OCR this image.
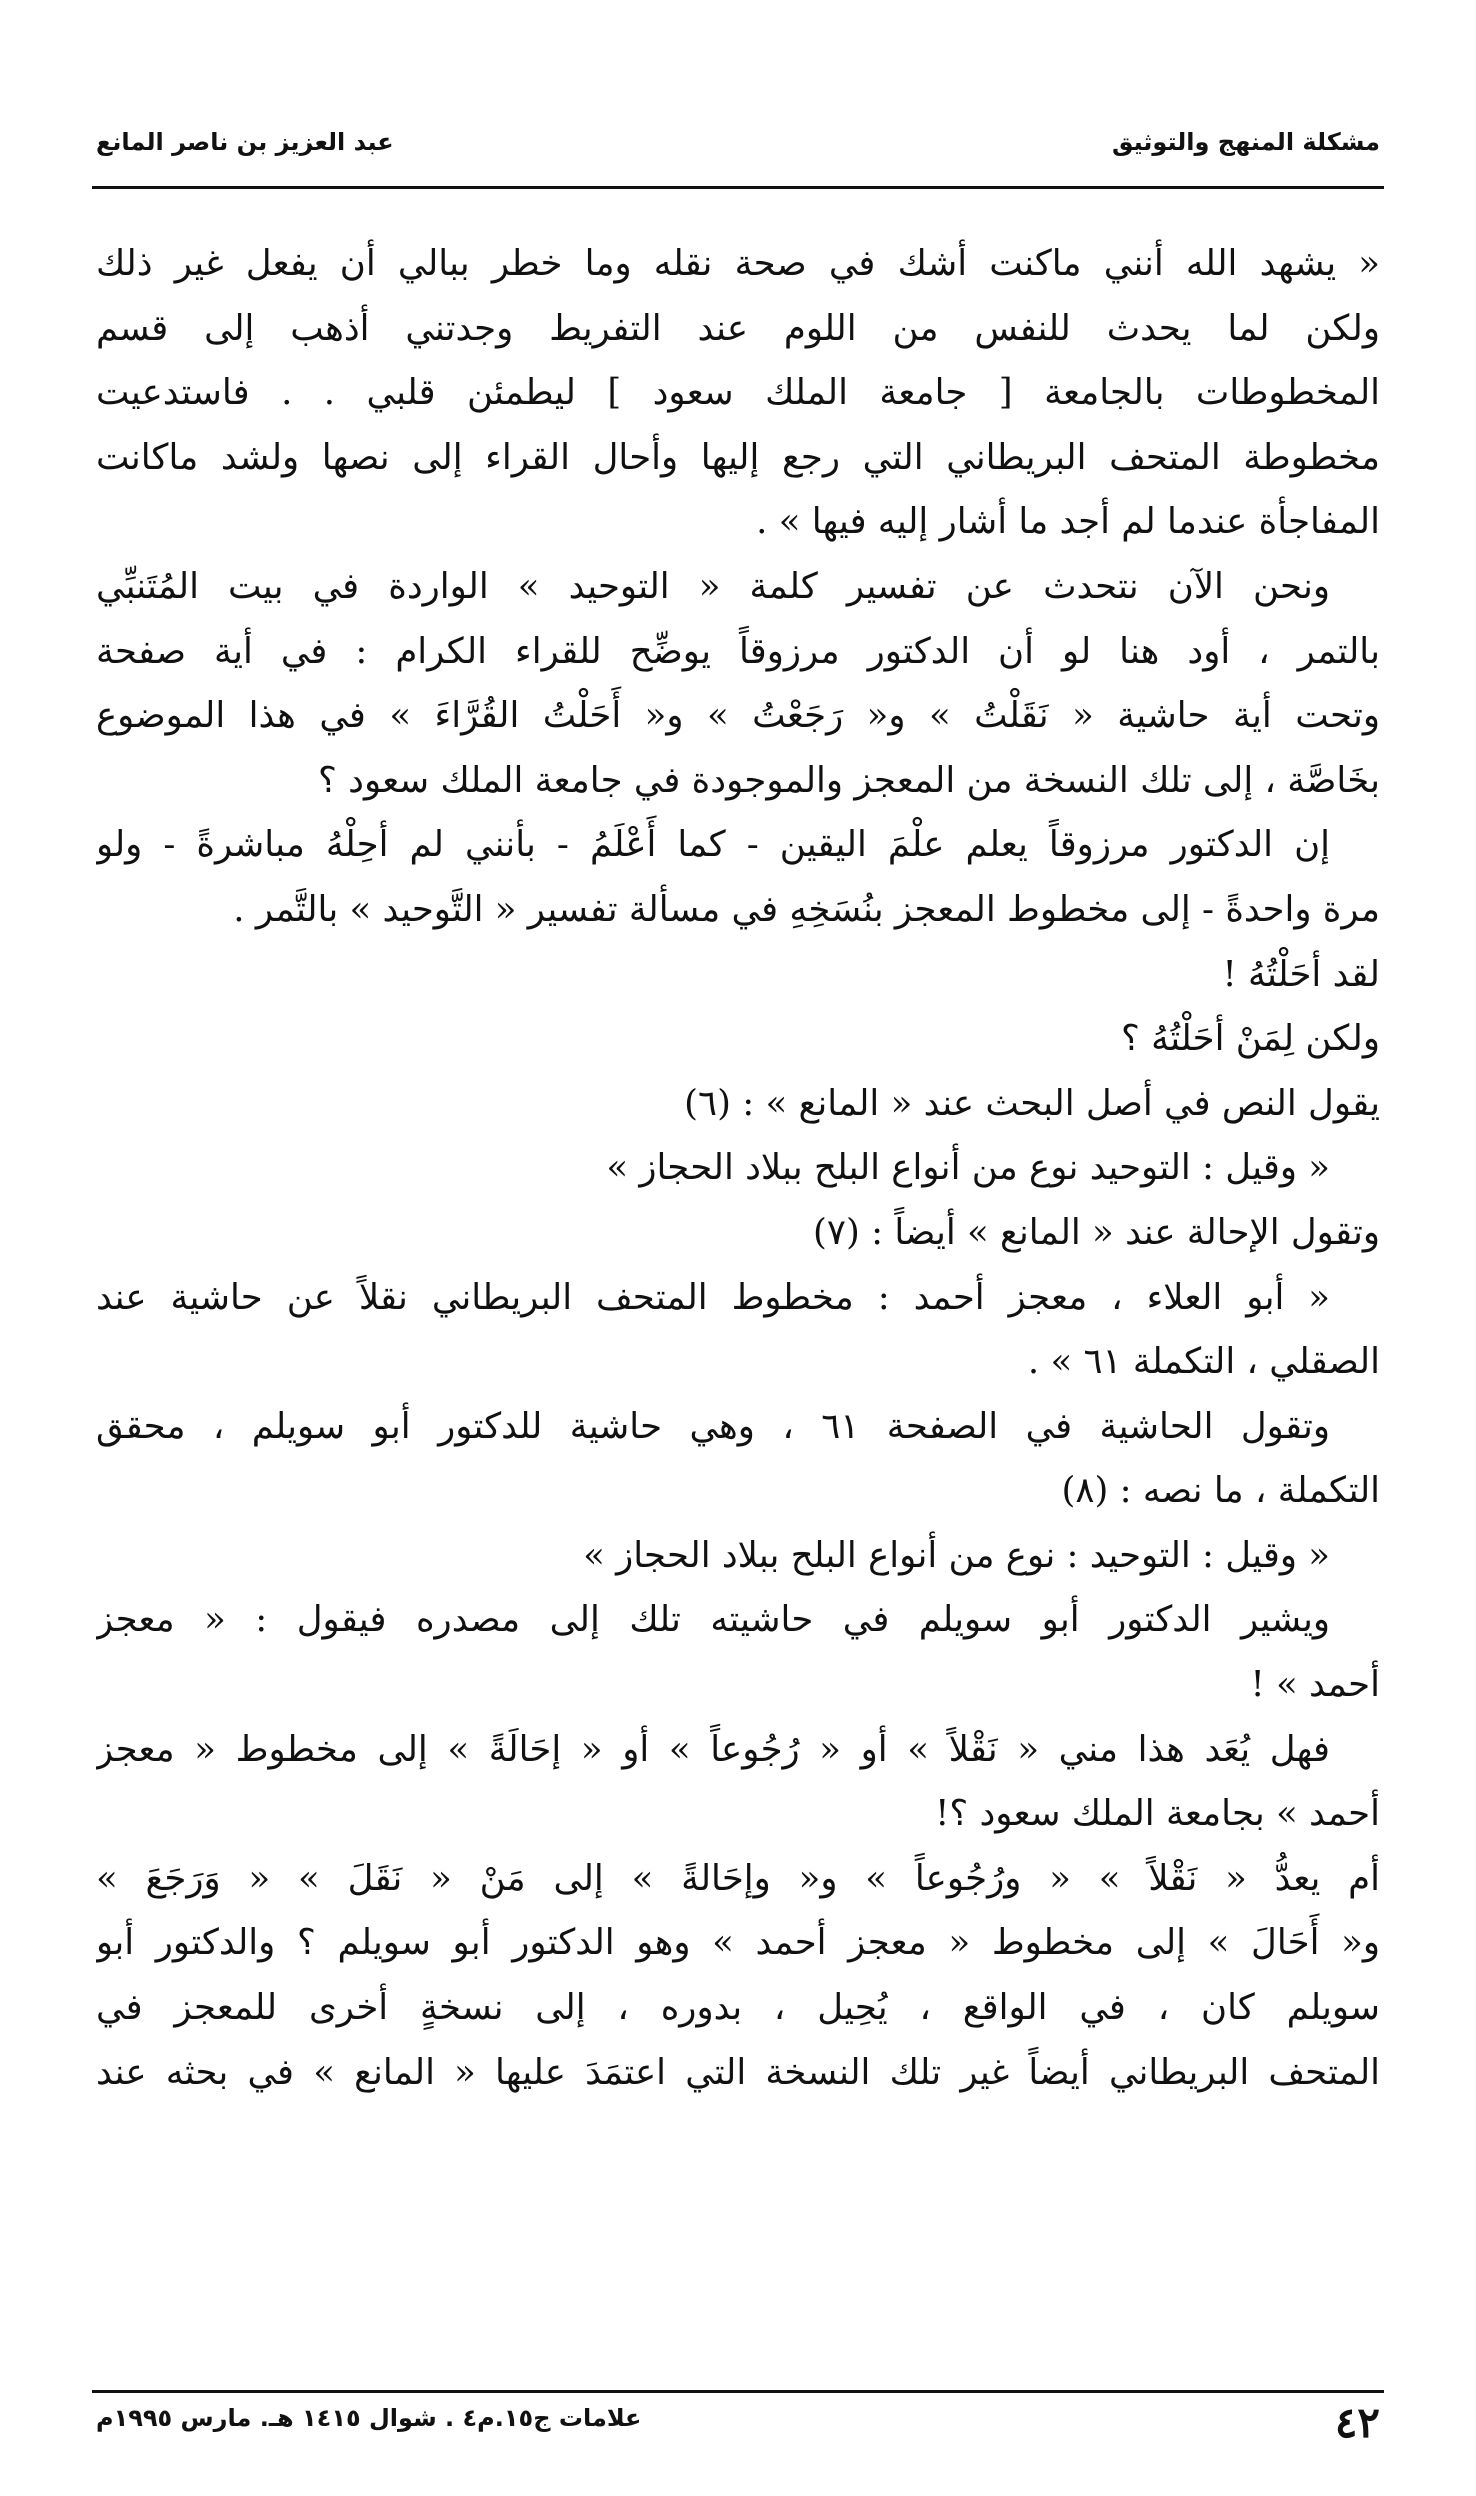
مشكلة المنهج والتوثيق
عبد العزيز بن ناصر المانع
« يشهد الله أنني ماكنت أشك في صحة نقله وما خطر ببالي أن يفعل غير ذلك
ولكن لما يحدث للنفس من اللوم عند التفريط وجدتني أذهب إلى قسم
المخطوطات بالجامعة [ جامعة الملك سعود ] ليطمئن قلبي . . فاستدعيت
مخطوطة المتحف البريطاني التي رجع إليها وأحال القراء إلى نصها ولشد ماكانت
المفاجأة عندما لم أجد ما أشار إليه فيها » .
ونحن الآن نتحدث عن تفسير كلمة « التوحيد » الواردة في بيت المُتَنبِّي
بالتمر ، أود هنا لو أن الدكتور مرزوقاً يوضِّح للقراء الكرام : في أية صفحة
وتحت أية حاشية « نَقَلْتُ » و« رَجَعْتُ » و« أَحَلْتُ القُرَّاءَ » في هذا الموضوع
بخَاصَّة ، إلى تلك النسخة من المعجز والموجودة في جامعة الملك سعود ؟
إن الدكتور مرزوقاً يعلم علْمَ اليقين - كما أَعْلَمُ - بأنني لم أحِلْهُ مباشرةً - ولو
مرة واحدةً - إلى مخطوط المعجز بنُسَخِهِ في مسألة تفسير « التَّوحيد » بالتَّمر .
لقد أحَلْتُهُ !
ولكن لِمَنْ أحَلْتُهُ ؟
يقول النص في أصل البحث عند « المانع » : (٦)
« وقيل : التوحيد نوع من أنواع البلح ببلاد الحجاز »
وتقول الإحالة عند « المانع » أيضاً : (٧)
« أبو العلاء ، معجز أحمد : مخطوط المتحف البريطاني نقلاً عن حاشية عند
الصقلي ، التكملة ٦١ » .
وتقول الحاشية في الصفحة ٦١ ، وهي حاشية للدكتور أبو سويلم ، محقق
التكملة ، ما نصه : (٨)
« وقيل : التوحيد : نوع من أنواع البلح ببلاد الحجاز »
ويشير الدكتور أبو سويلم في حاشيته تلك إلى مصدره فيقول : « معجز
أحمد » !
فهل يُعَد هذا مني « نَقْلاً » أو « رُجُوعاً » أو « إحَالَةً » إلى مخطوط « معجز
أحمد » بجامعة الملك سعود ؟!
أم يعدُّ « نَقْلاً » « ورُجُوعاً » و« وإحَالةً » إلى مَنْ « نَقَلَ » « وَرَجَعَ »
و« أَحَالَ » إلى مخطوط « معجز أحمد » وهو الدكتور أبو سويلم ؟ والدكتور أبو
سويلم كان ، في الواقع ، يُحِيل ، بدوره ، إلى نسخةٍ أخرى للمعجز في
المتحف البريطاني أيضاً غير تلك النسخة التي اعتمَدَ عليها « المانع » في بحثه عند
٤٢
علامات ج١٥.م٤ . شوال ١٤١٥ هـ. مارس ١٩٩٥م
